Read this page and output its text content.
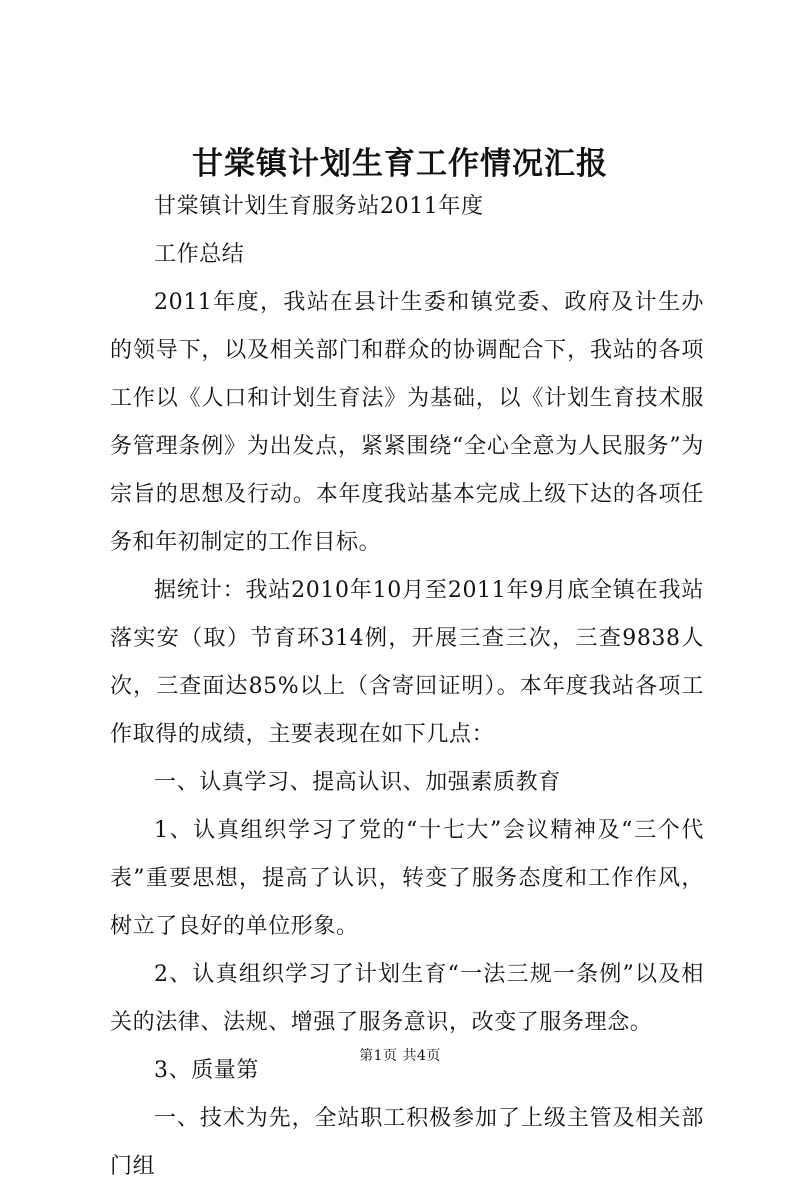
甘棠镇计划生育工作情况汇报

甘棠镇计划生育服务站2011年度

工作总结

2011年度，我站在县计生委和镇党委、政府及计生办的领导下，以及相关部门和群众的协调配合下，我站的各项工作以《人口和计划生育法》为基础，以《计划生育技术服务管理条例》为出发点，紧紧围绕“全心全意为人民服务”为宗旨的思想及行动。本年度我站基本完成上级下达的各项任务和年初制定的工作目标。

据统计：我站2010年10月至2011年9月底全镇在我站落实安（取）节育环314例，开展三查三次，三查9838人次，三查面达85%以上（含寄回证明）。本年度我站各项工作取得的成绩，主要表现在如下几点：

一、认真学习、提高认识、加强素质教育

1、认真组织学习了党的“十七大”会议精神及“三个代表”重要思想，提高了认识，转变了服务态度和工作作风，树立了良好的单位形象。

2、认真组织学习了计划生育“一法三规一条例”以及相关的法律、法规、增强了服务意识，改变了服务理念。

3、质量第

一、技术为先，全站职工积极参加了上级主管及相关部门组

第1页 共4页
